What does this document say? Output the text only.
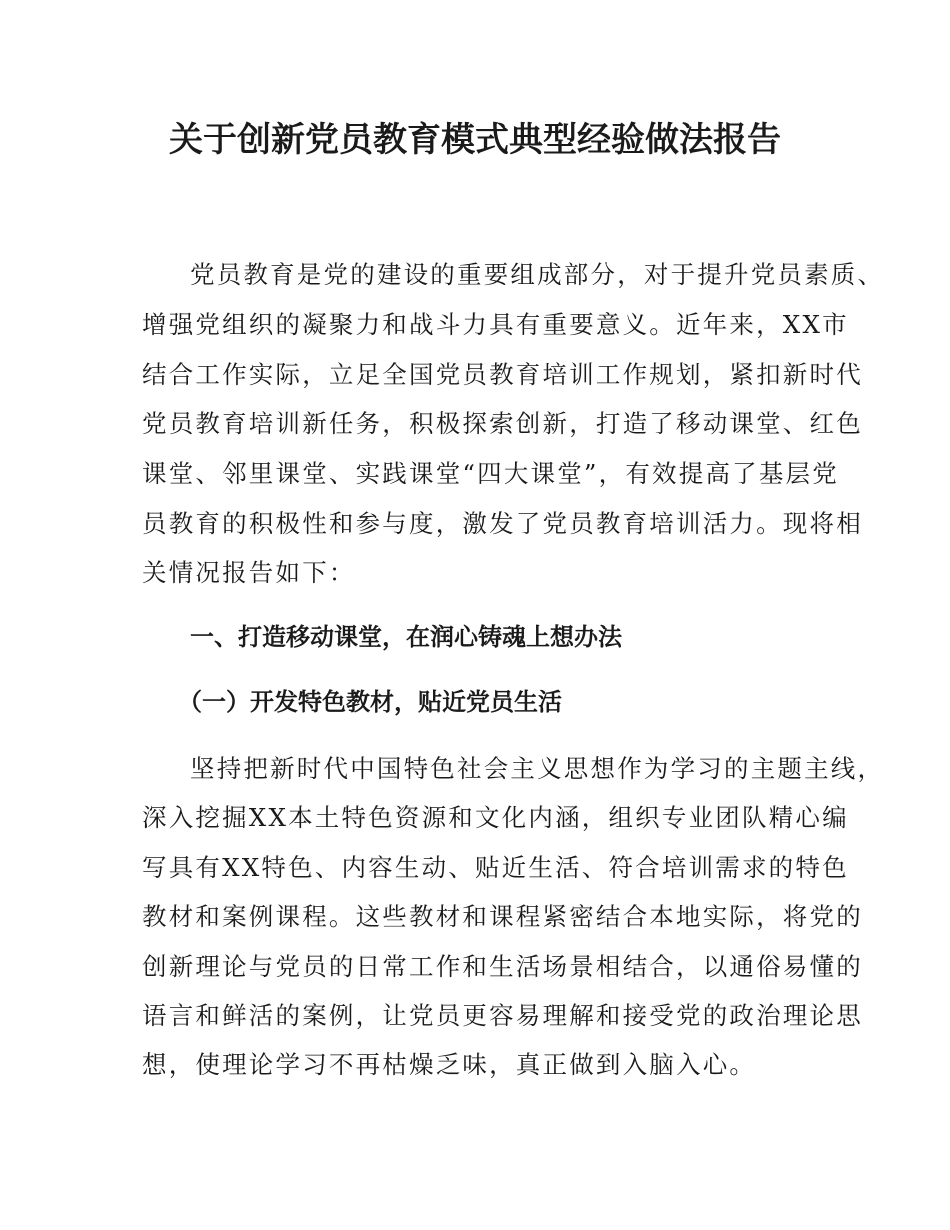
关于创新党员教育模式典型经验做法报告

党员教育是党的建设的重要组成部分，对于提升党员素质、

增强党组织的凝聚力和战斗力具有重要意义。近年来，XX市

结合工作实际，立足全国党员教育培训工作规划，紧扣新时代

党员教育培训新任务，积极探索创新，打造了移动课堂、红色

课堂、邻里课堂、实践课堂“四大课堂”，有效提高了基层党

员教育的积极性和参与度，激发了党员教育培训活力。现将相

关情况报告如下：

一、打造移动课堂，在润心铸魂上想办法
（一）开发特色教材，贴近党员生活

坚持把新时代中国特色社会主义思想作为学习的主题主线，

深入挖掘XX本土特色资源和文化内涵，组织专业团队精心编

写具有XX特色、内容生动、贴近生活、符合培训需求的特色

教材和案例课程。这些教材和课程紧密结合本地实际，将党的

创新理论与党员的日常工作和生活场景相结合，以通俗易懂的

语言和鲜活的案例，让党员更容易理解和接受党的政治理论思

想，使理论学习不再枯燥乏味，真正做到入脑入心。
